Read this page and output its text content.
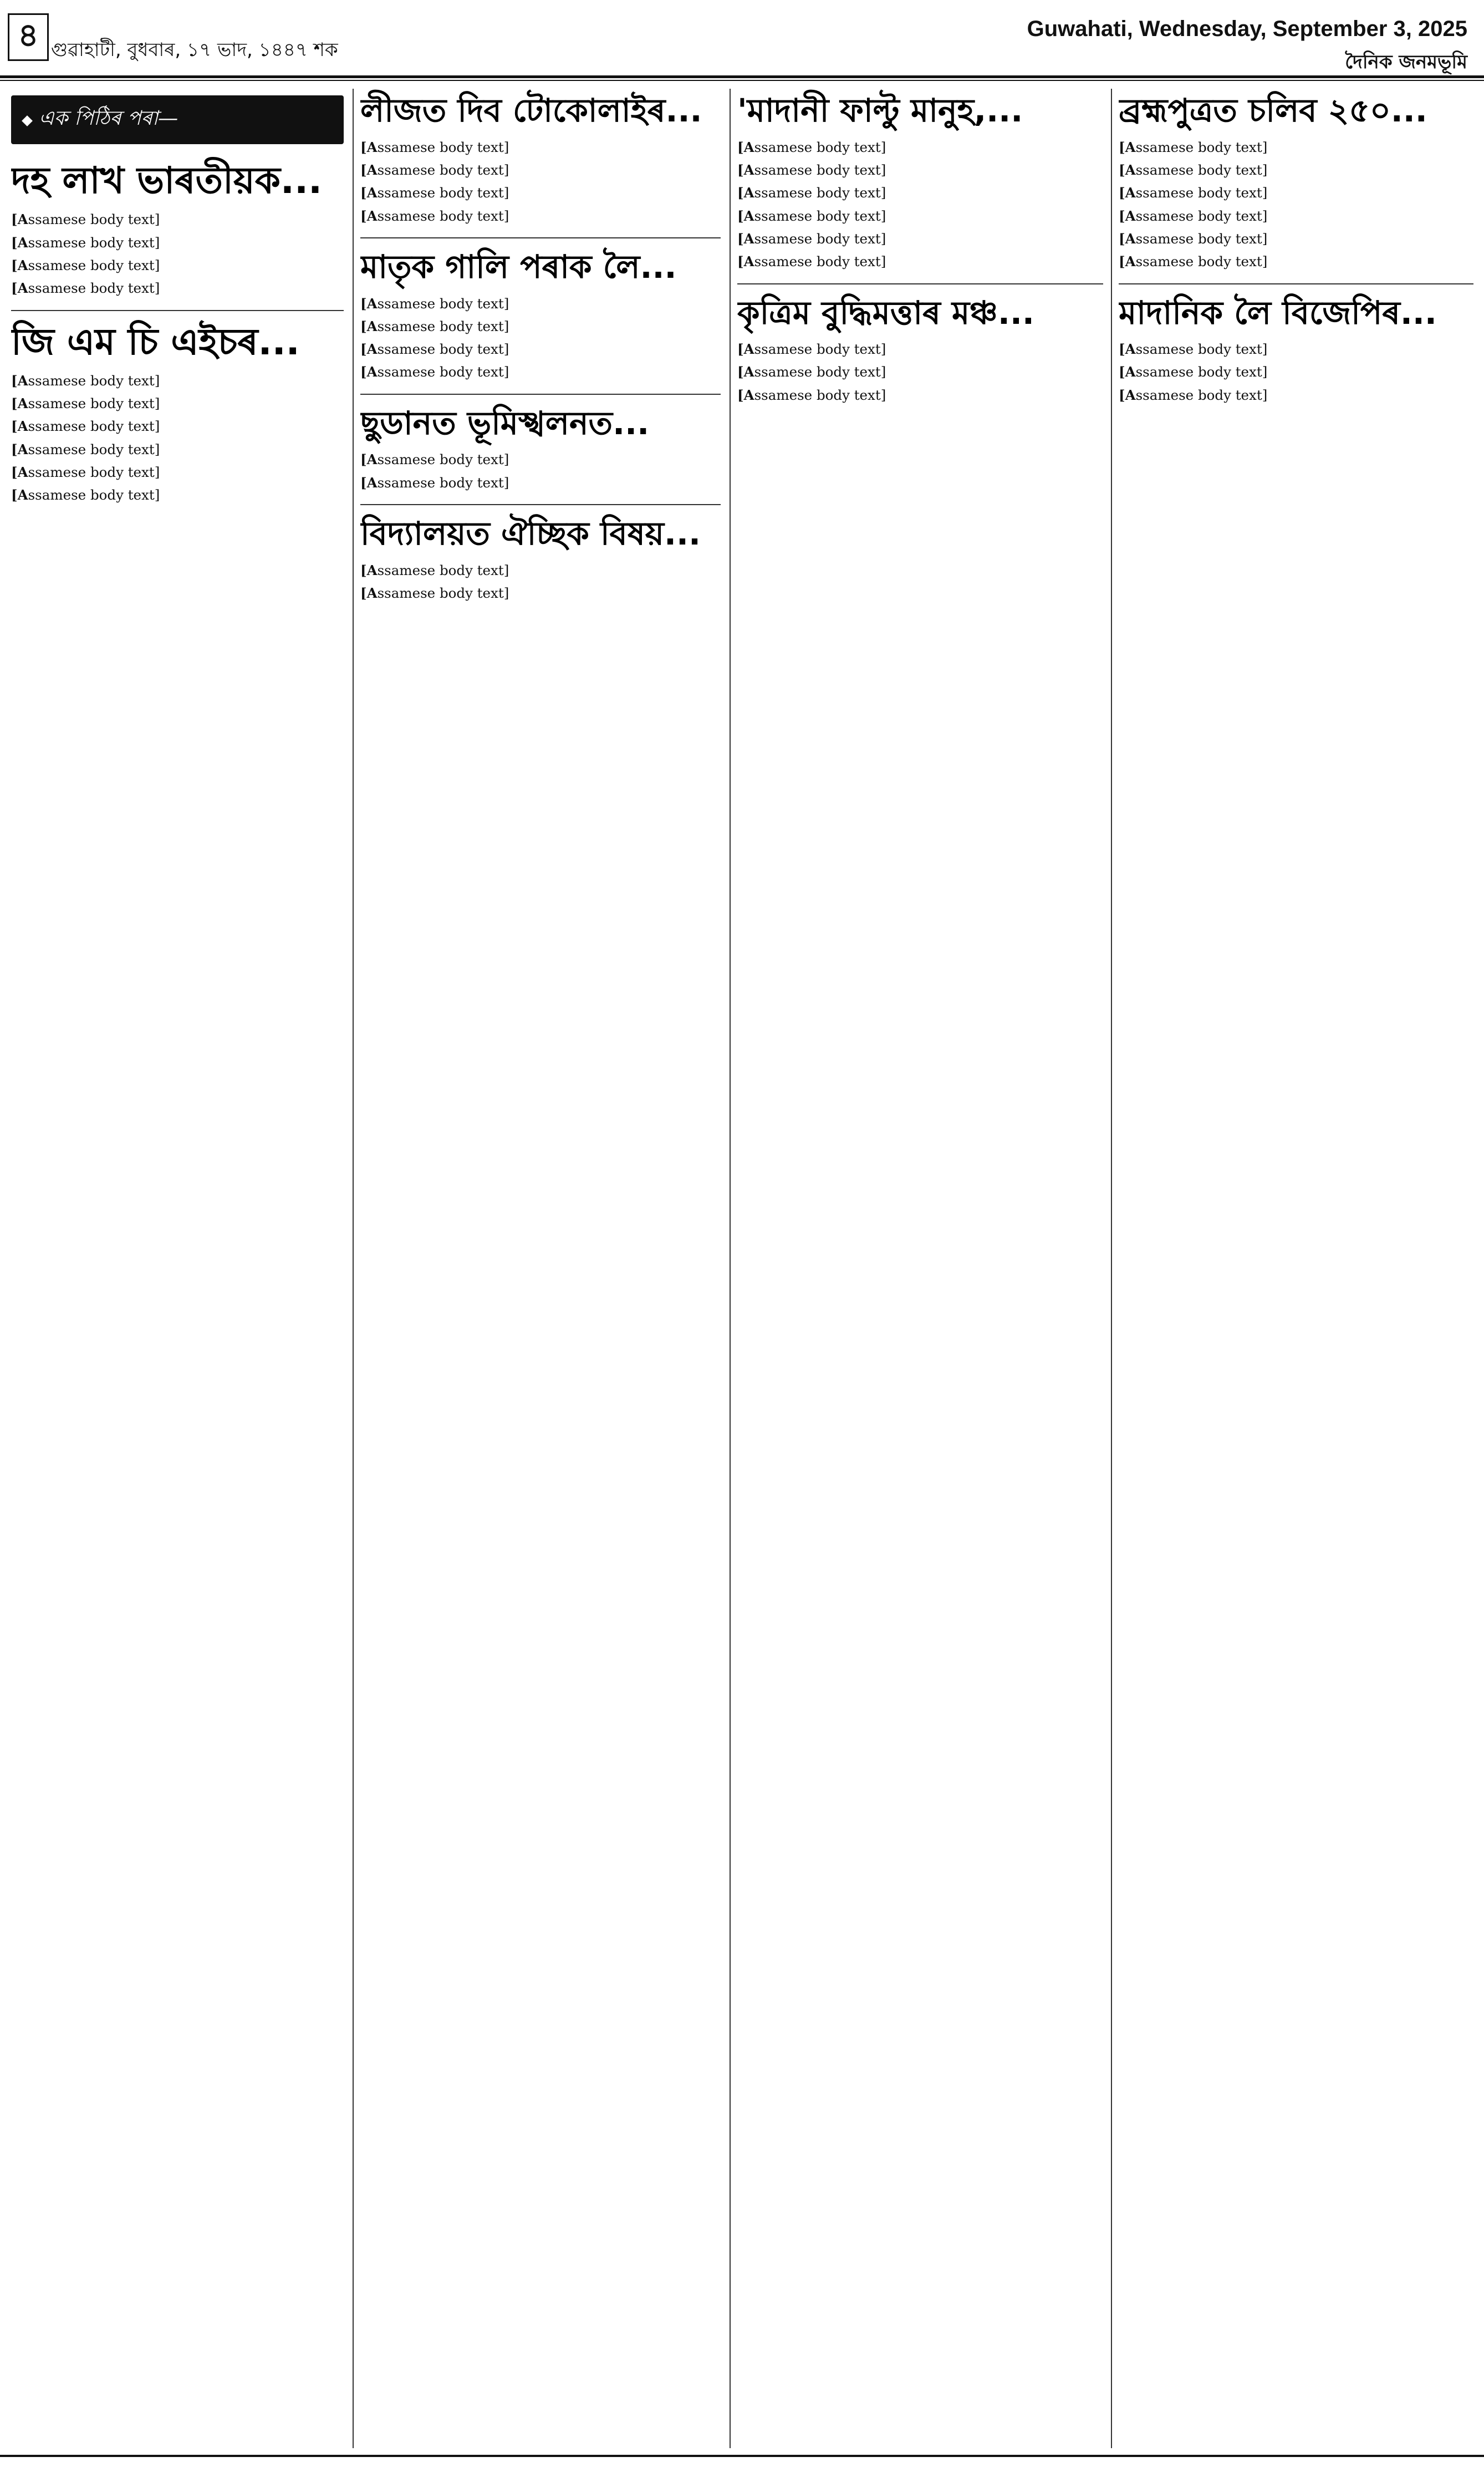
৪ গুৱাহাটী, বুধবাৰ, ১৭ ভাদ, ১৪৪৭ শক
Guwahati, Wednesday, September 3, 2025
দৈনিক জনমভূমি
এক পিঠিৰ পৰা—
দহ লাখ ভাৰতীয়ক...

[Assamese body text]

[Assamese body text]

[Assamese body text]

[Assamese body text]

জি এম চি এইচৰ...

[Assamese body text]

[Assamese body text]

[Assamese body text]

[Assamese body text]

[Assamese body text]

[Assamese body text]

লীজত দিব টোকোলাইৰ...

[Assamese body text]

[Assamese body text]

[Assamese body text]

[Assamese body text]

মাতৃক গালি পৰাক লৈ...

[Assamese body text]

[Assamese body text]

[Assamese body text]

[Assamese body text]

ছুডানত ভূমিস্খলনত...

[Assamese body text]

[Assamese body text]

বিদ্যালয়ত ঐচ্ছিক বিষয়...

[Assamese body text]

[Assamese body text]

'মাদানী ফাল্টু মানুহ,...

[Assamese body text]

[Assamese body text]

[Assamese body text]

[Assamese body text]

[Assamese body text]

[Assamese body text]

কৃত্ৰিম বুদ্ধিমত্তাৰ মঞ্চ...

[Assamese body text]

[Assamese body text]

[Assamese body text]

ব্ৰহ্মপুত্ৰত চলিব ২৫০...

[Assamese body text]

[Assamese body text]

[Assamese body text]

[Assamese body text]

[Assamese body text]

[Assamese body text]

মাদানিক লৈ বিজেপিৰ...

[Assamese body text]

[Assamese body text]

[Assamese body text]
